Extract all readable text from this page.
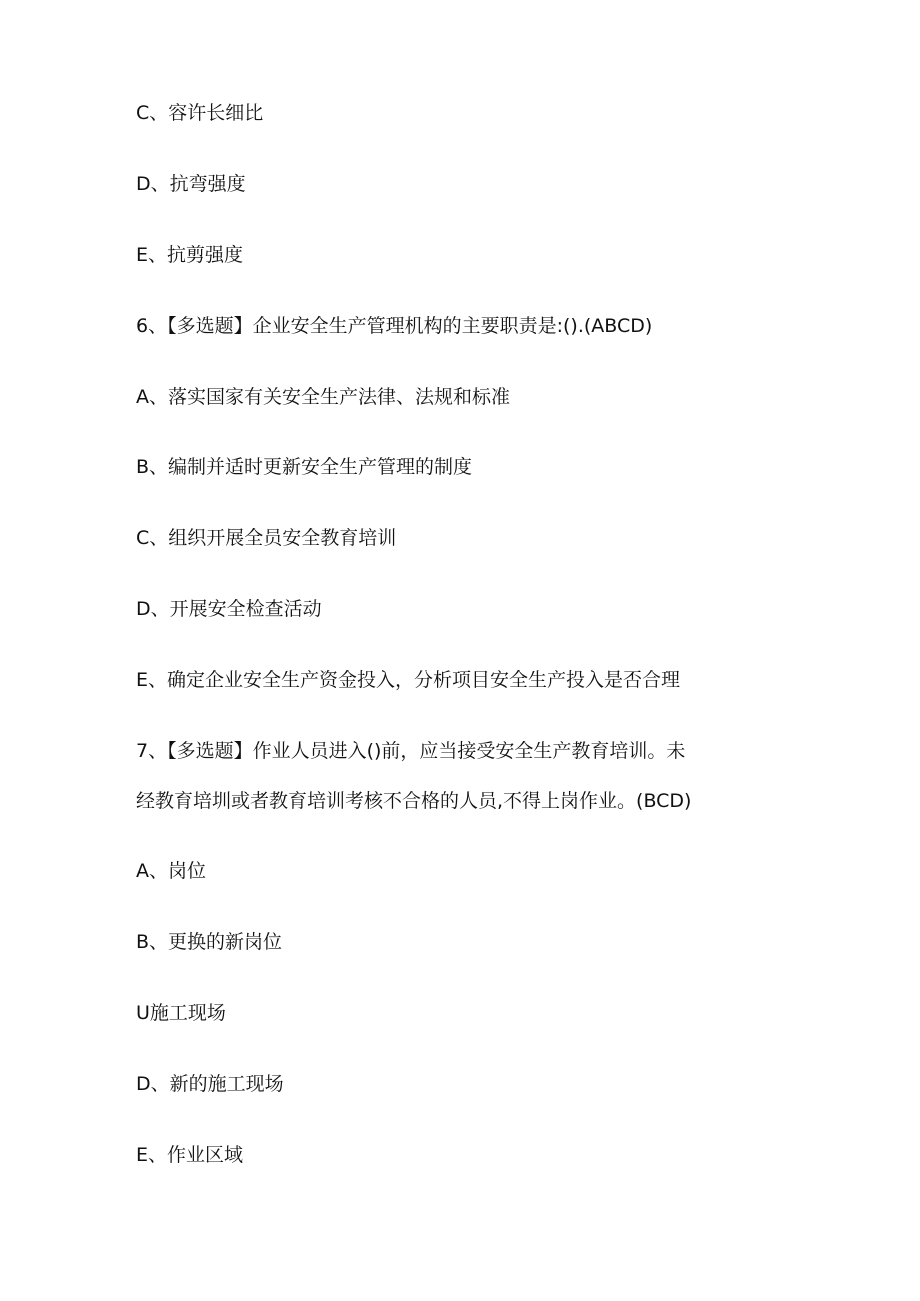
C、容许长细比
D、抗弯强度
E、抗剪强度
6、【多选题】企业安全生产管理机构的主要职责是:().(ABCD)
A、落实国家有关安全生产法律、法规和标准
B、编制并适时更新安全生产管理的制度
C、组织开展全员安全教育培训
D、开展安全检查活动
E、确定企业安全生产资金投入，分析项目安全生产投入是否合理
7、【多选题】作业人员进入()前，应当接受安全生产教育培训。未
经教育培圳或者教育培训考核不合格的人员,不得上岗作业。(BCD)
A、岗位
B、更换的新岗位
U施工现场
D、新的施工现场
E、作业区域
